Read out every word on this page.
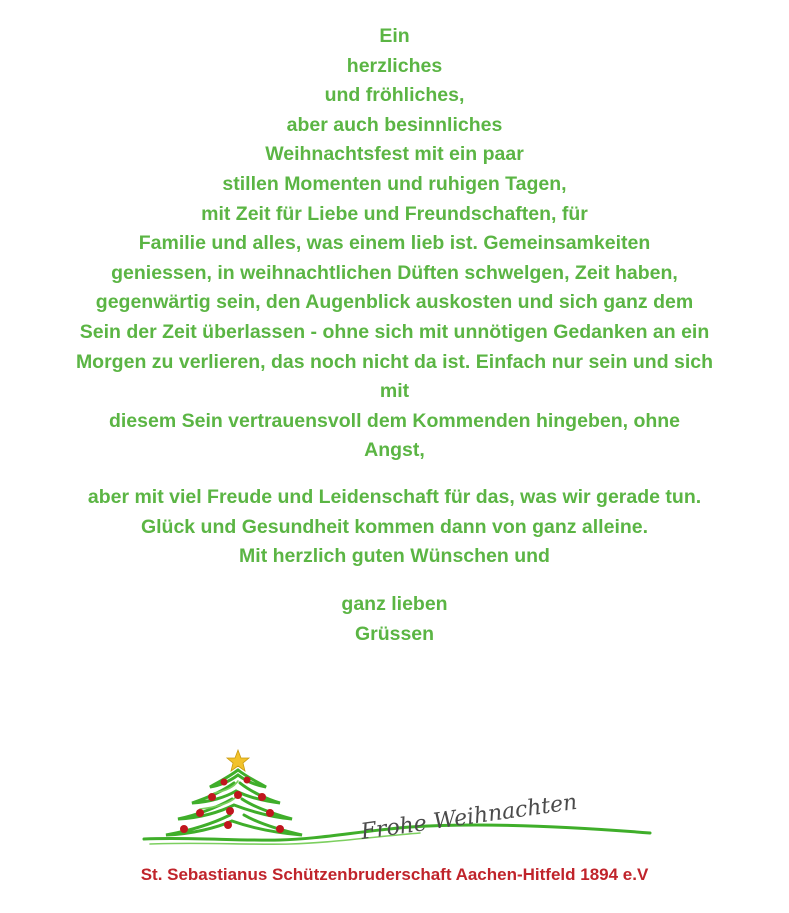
Ein
herzliches
und fröhliches,
aber auch besinnliches
Weihnachtsfest mit ein paar
stillen Momenten und ruhigen Tagen,
mit Zeit für Liebe und Freundschaften, für
Familie und alles, was einem lieb ist. Gemeinsamkeiten
geniessen, in weihnachtlichen Düften schwelgen, Zeit haben,
gegenwärtig sein, den Augenblick auskosten und sich ganz dem
Sein der Zeit überlassen - ohne sich mit unnötigen Gedanken an ein
Morgen zu verlieren, das noch nicht da ist. Einfach nur sein und sich
mit
diesem Sein vertrauensvoll dem Kommenden hingeben, ohne
Angst,
aber mit viel Freude und Leidenschaft für das, was wir gerade tun.
Glück und Gesundheit kommen dann von ganz alleine.
Mit herzlich guten Wünschen und
ganz lieben
Grüssen
Frohe Weihnachten
St. Sebastianus Schützenbruderschaft Aachen-Hitfeld 1894 e.V
